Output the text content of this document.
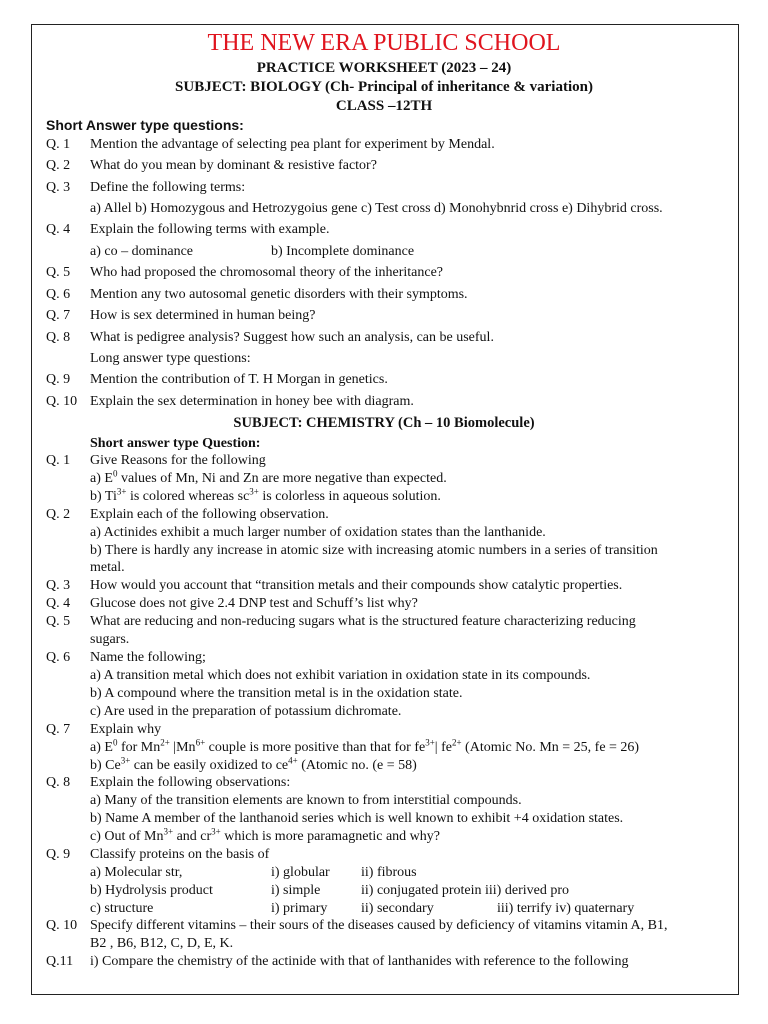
THE NEW ERA PUBLIC SCHOOL
PRACTICE WORKSHEET (2023 – 24)
SUBJECT: BIOLOGY (Ch- Principal of inheritance & variation)
CLASS –12TH
Short Answer type questions:
Q. 1 Mention the advantage of selecting pea plant for experiment by Mendal.
Q. 2 What do you mean by dominant & resistive factor?
Q. 3 Define the following terms:
a) Allel b) Homozygous and Hetrozygoius gene c) Test cross d) Monohybnrid cross e) Dihybrid cross.
Q. 4 Explain the following terms with example.
a) co – dominance	b) Incomplete dominance
Q. 5 Who had proposed the chromosomal theory of the inheritance?
Q. 6 Mention any two autosomal genetic disorders with their symptoms.
Q. 7 How is sex determined in human being?
Q. 8 What is pedigree analysis? Suggest how such an analysis, can be useful.
Long answer type questions:
Q. 9 Mention the contribution of T. H Morgan in genetics.
Q. 10 Explain the sex determination in honey bee with diagram.
SUBJECT: CHEMISTRY (Ch – 10 Biomolecule)
Short answer type Question:
Q. 1 Give Reasons for the following
a) $E^0$ values of Mn, Ni and Zn are more negative than expected.
b) $Ti^{3+}$ is colored whereas $sc^{3+}$ is colorless in aqueous solution.
Q. 2 Explain each of the following observation.
a) Actinides exhibit a much larger number of oxidation states than the lanthanide.
b) There is hardly any increase in atomic size with increasing atomic numbers in a series of transition
metal.
Q. 3 How would you account that “transition metals and their compounds show catalytic properties.
Q. 4 Glucose does not give 2.4 DNP test and Schuff’s list why?
Q. 5 What are reducing and non-reducing sugars what is the structured feature characterizing reducing
sugars.
Q. 6 Name the following;
a) A transition metal which does not exhibit variation in oxidation state in its compounds.
b) A compound where the transition metal is in the oxidation state.
c) Are used in the preparation of potassium dichromate.
Q. 7 Explain why
a) $E^0$ for $Mn^{2+}$ $|Mn^{6+}$ couple is more positive than that for $fe^{3+}|$ $fe^{2+}$ (Atomic No. Mn = 25, fe = 26)
b) $Ce^{3+}$ can be easily oxidized to $ce^{4+}$ (Atomic no. (e = 58)
Q. 8 Explain the following observations:
a) Many of the transition elements are known to from interstitial compounds.
b) Name A member of the lanthanoid series which is well known to exhibit +4 oxidation states.
c) Out of $Mn^{3+}$ and $cr^{3+}$ which is more paramagnetic and why?
Q. 9 Classify proteins on the basis of
a) Molecular str,	i) globular ii) fibrous
b) Hydrolysis product	i) simple	ii) conjugated protein iii) derived pro
c) structure	i) primary ii) secondary	iii) terrify iv) quaternary
Q. 10 Specify different vitamins – their sours of the diseases caused by deficiency of vitamins vitamin A, B1,
B2 , B6, B12, C, D, E, K.
Q.11 i) Compare the chemistry of the actinide with that of lanthanides with reference to the following
